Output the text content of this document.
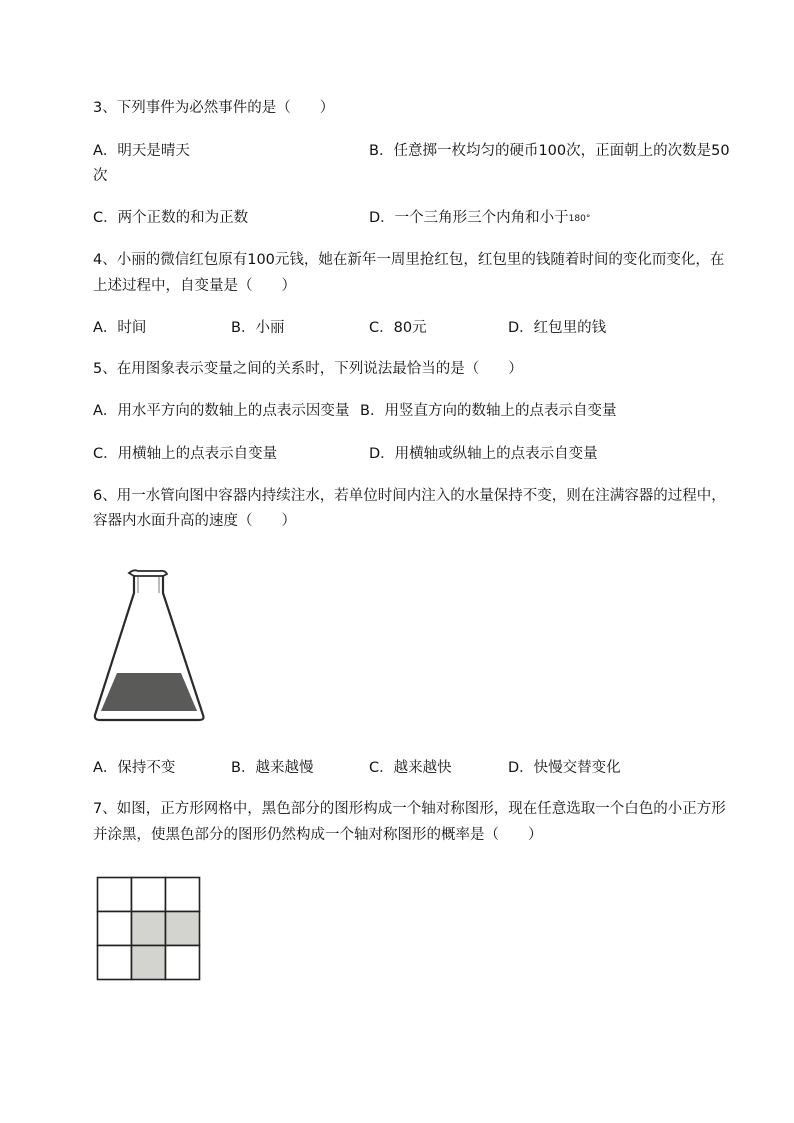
3、下列事件为必然事件的是（　　）
A．明天是晴天	B．任意掷一枚均匀的硬币100次，正面朝上的次数是50
次
C．两个正数的和为正数	D．一个三角形三个内角和小于180°
4、小丽的微信红包原有100元钱，她在新年一周里抢红包，红包里的钱随着时间的变化而变化，在
上述过程中，自变量是（　　）
A．时间	B．小丽	C．80元	D．红包里的钱
5、在用图象表示变量之间的关系时，下列说法最恰当的是（　　）
A．用水平方向的数轴上的点表示因变量 B．用竖直方向的数轴上的点表示自变量
C．用横轴上的点表示自变量	D．用横轴或纵轴上的点表示自变量
6、用一水管向图中容器内持续注水，若单位时间内注入的水量保持不变，则在注满容器的过程中，
容器内水面升高的速度（　　）
A．保持不变	B．越来越慢	C．越来越快	D．快慢交替变化
7、如图，正方形网格中，黑色部分的图形构成一个轴对称图形，现在任意选取一个白色的小正方形
并涂黑，使黑色部分的图形仍然构成一个轴对称图形的概率是（　　）
